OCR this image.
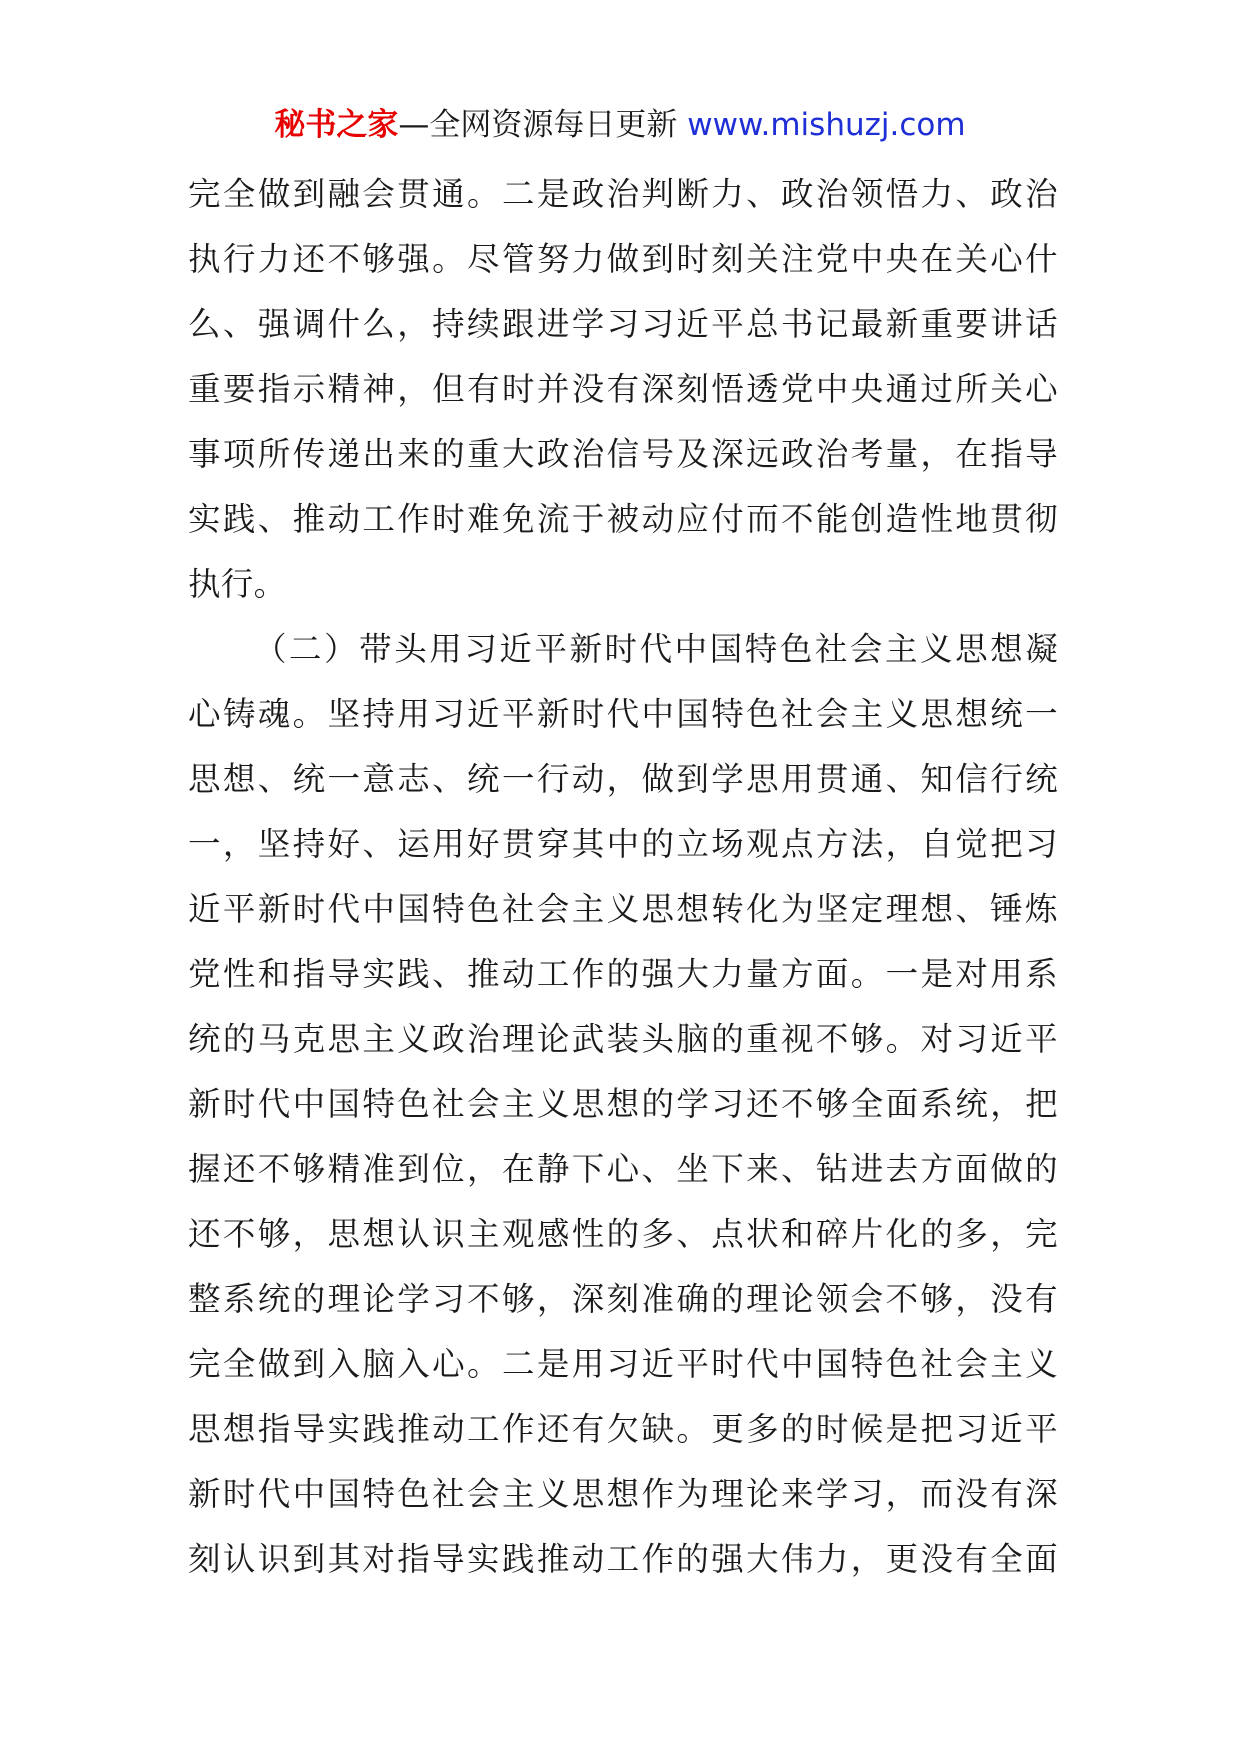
秘书之家—全网资源每日更新 www.mishuzj.com
完全做到融会贯通。二是政治判断力、政治领悟力、政治
执行力还不够强。尽管努力做到时刻关注党中央在关心什
么、强调什么，持续跟进学习习近平总书记最新重要讲话
重要指示精神，但有时并没有深刻悟透党中央通过所关心
事项所传递出来的重大政治信号及深远政治考量，在指导
实践、推动工作时难免流于被动应付而不能创造性地贯彻
执行。
（二）带头用习近平新时代中国特色社会主义思想凝
心铸魂。坚持用习近平新时代中国特色社会主义思想统一
思想、统一意志、统一行动，做到学思用贯通、知信行统
一，坚持好、运用好贯穿其中的立场观点方法，自觉把习
近平新时代中国特色社会主义思想转化为坚定理想、锤炼
党性和指导实践、推动工作的强大力量方面。一是对用系
统的马克思主义政治理论武装头脑的重视不够。对习近平
新时代中国特色社会主义思想的学习还不够全面系统，把
握还不够精准到位，在静下心、坐下来、钻进去方面做的
还不够，思想认识主观感性的多、点状和碎片化的多，完
整系统的理论学习不够，深刻准确的理论领会不够，没有
完全做到入脑入心。二是用习近平时代中国特色社会主义
思想指导实践推动工作还有欠缺。更多的时候是把习近平
新时代中国特色社会主义思想作为理论来学习，而没有深
刻认识到其对指导实践推动工作的强大伟力，更没有全面
